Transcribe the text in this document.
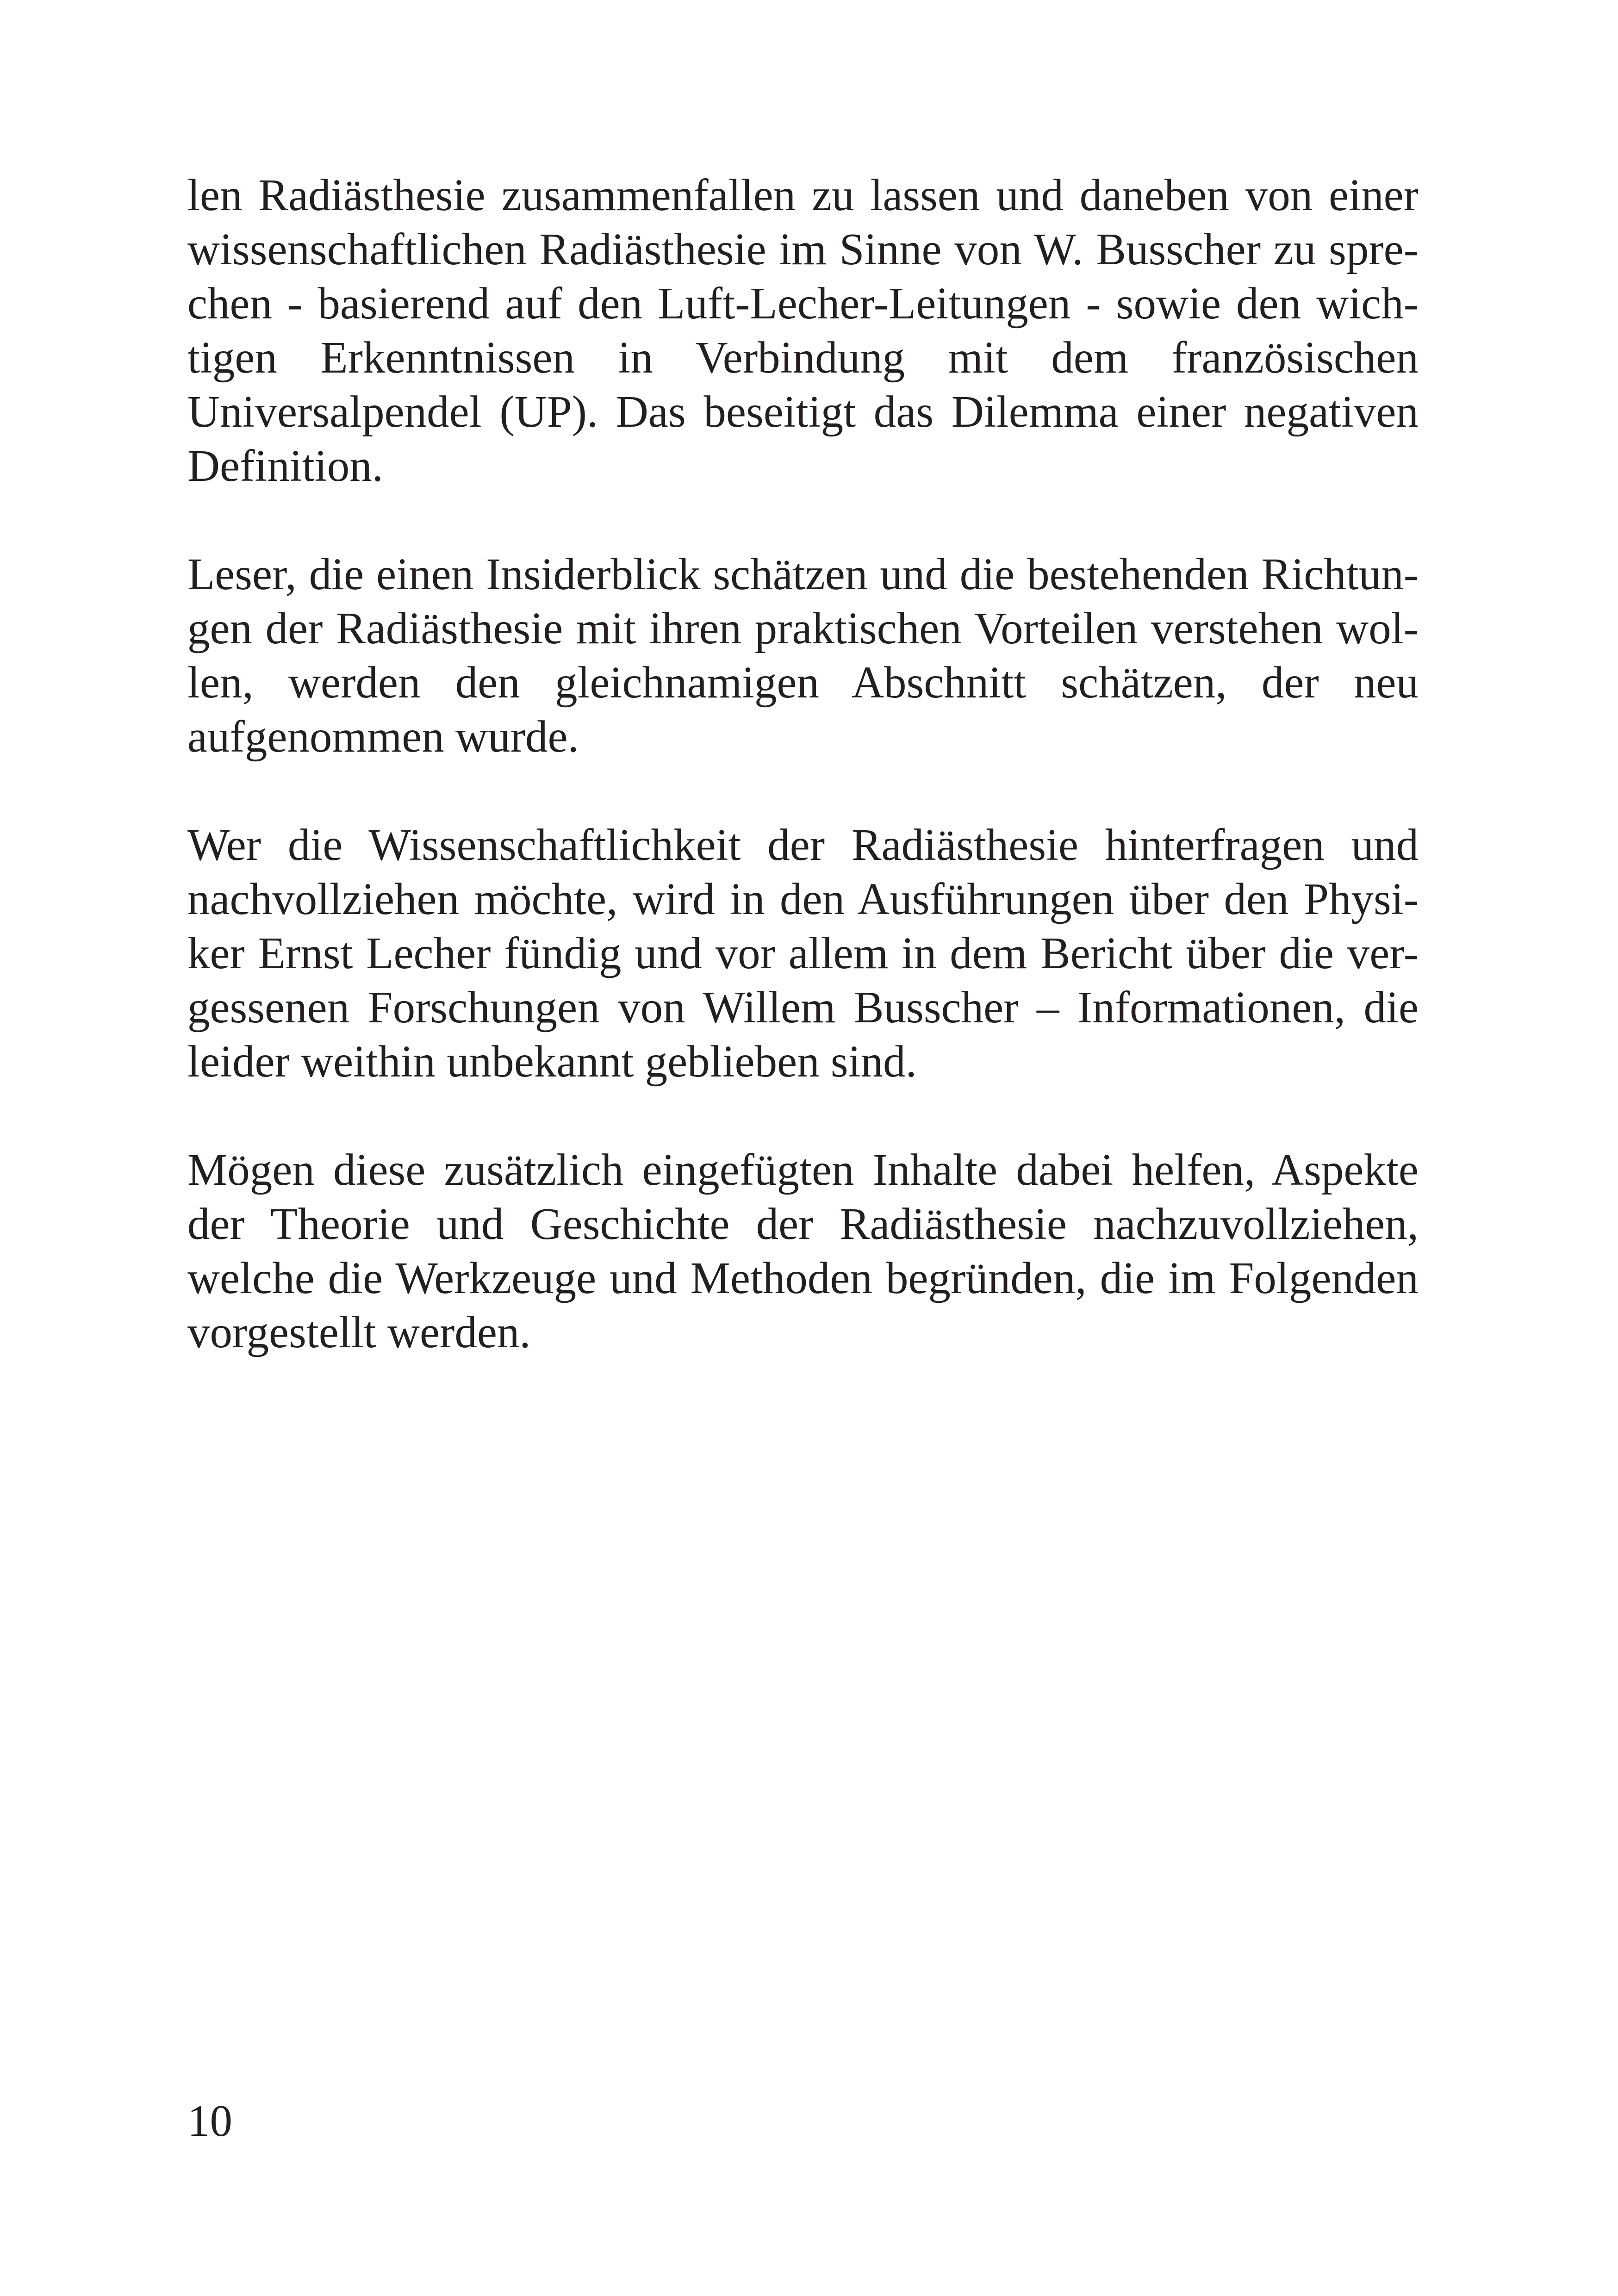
len Radiästhesie zusammenfallen zu lassen und daneben von einer
wissenschaftlichen Radiästhesie im Sinne von W. Busscher zu spre-
chen - basierend auf den Luft-Lecher-Leitungen - sowie den wich-
tigen Erkenntnissen in Verbindung mit dem französischen
Universalpendel (UP). Das beseitigt das Dilemma einer negativen
Definition.
Leser, die einen Insiderblick schätzen und die bestehenden Richtun-
gen der Radiästhesie mit ihren praktischen Vorteilen verstehen wol-
len, werden den gleichnamigen Abschnitt schätzen, der neu
aufgenommen wurde.
Wer die Wissenschaftlichkeit der Radiästhesie hinterfragen und
nachvollziehen möchte, wird in den Ausführungen über den Physi-
ker Ernst Lecher fündig und vor allem in dem Bericht über die ver-
gessenen Forschungen von Willem Busscher – Informationen, die
leider weithin unbekannt geblieben sind.
Mögen diese zusätzlich eingefügten Inhalte dabei helfen, Aspekte
der Theorie und Geschichte der Radiästhesie nachzuvollziehen,
welche die Werkzeuge und Methoden begründen, die im Folgenden
vorgestellt werden.
10
